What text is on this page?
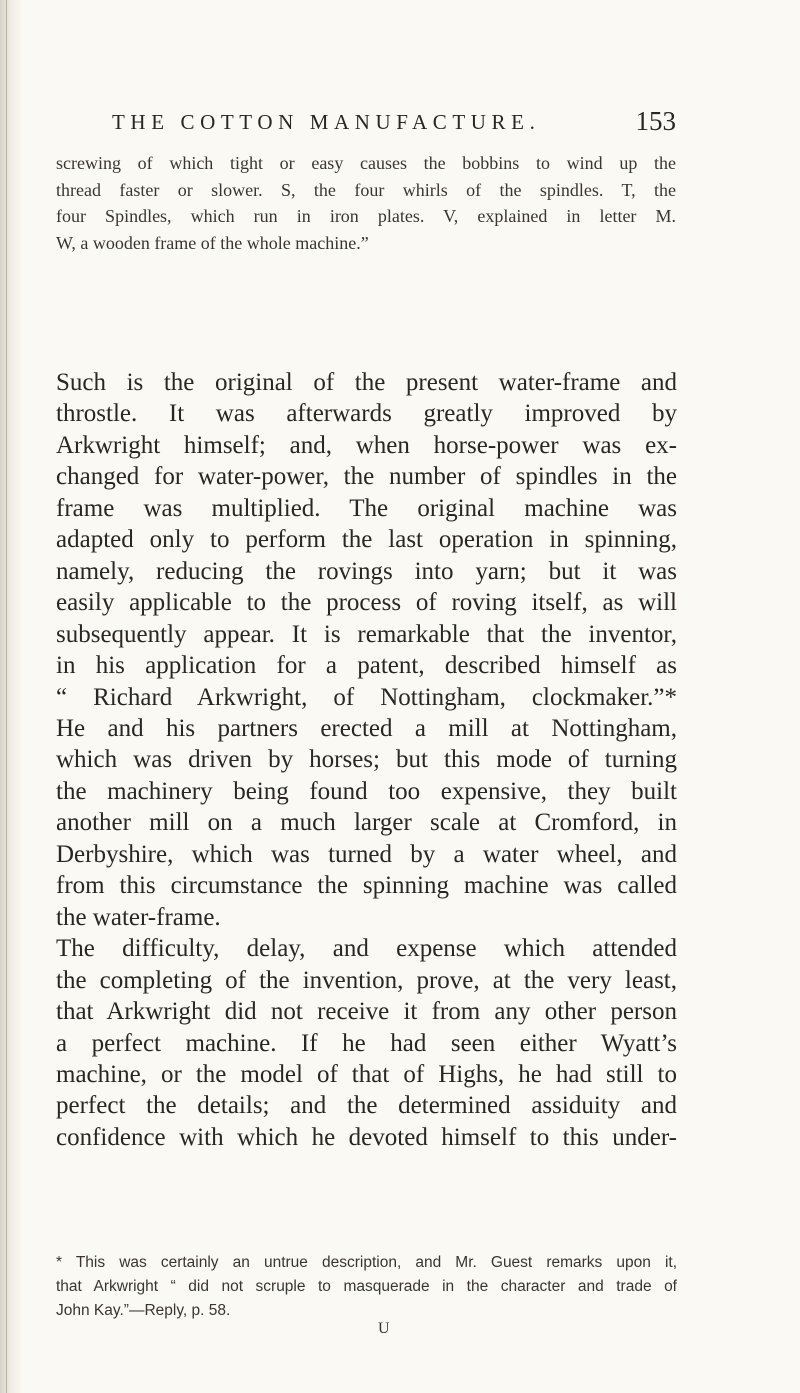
THE COTTON MANUFACTURE.	153
screwing of which tight or easy causes the bobbins to wind up the
thread faster or slower. S, the four whirls of the spindles. T, the
four Spindles, which run in iron plates. V, explained in letter M.
W, a wooden frame of the whole machine.”
Such is the original of the present water-frame and
throstle. It was afterwards greatly improved by
Arkwright himself; and, when horse-power was ex-
changed for water-power, the number of spindles in the
frame was multiplied. The original machine was
adapted only to perform the last operation in spinning,
namely, reducing the rovings into yarn; but it was
easily applicable to the process of roving itself, as will
subsequently appear. It is remarkable that the inventor,
in his application for a patent, described himself as
“ Richard Arkwright, of Nottingham, clockmaker.”*
He and his partners erected a mill at Nottingham,
which was driven by horses; but this mode of turning
the machinery being found too expensive, they built
another mill on a much larger scale at Cromford, in
Derbyshire, which was turned by a water wheel, and
from this circumstance the spinning machine was called
the water-frame.
The difficulty, delay, and expense which attended
the completing of the invention, prove, at the very least,
that Arkwright did not receive it from any other person
a perfect machine. If he had seen either Wyatt’s
machine, or the model of that of Highs, he had still to
perfect the details; and the determined assiduity and
confidence with which he devoted himself to this under-
* This was certainly an untrue description, and Mr. Guest remarks upon it,
that Arkwright “ did not scruple to masquerade in the character and trade of
John Kay.”—Reply, p. 58.
U
